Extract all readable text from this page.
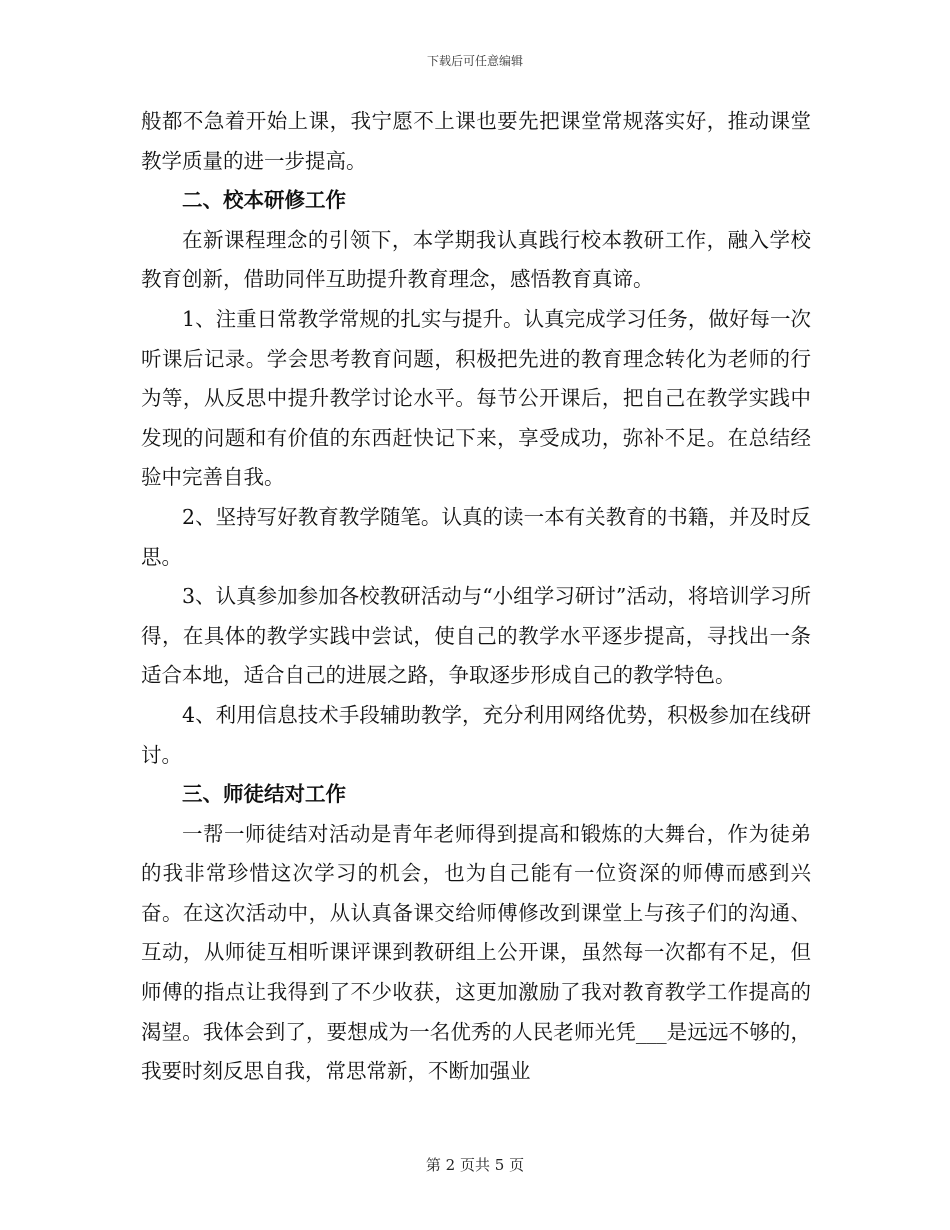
下载后可任意编辑

般都不急着开始上课，我宁愿不上课也要先把课堂常规落实好，推动课堂教学质量的进一步提高。

二、校本研修工作

在新课程理念的引领下，本学期我认真践行校本教研工作，融入学校教育创新，借助同伴互助提升教育理念，感悟教育真谛。

1、注重日常教学常规的扎实与提升。认真完成学习任务，做好每一次听课后记录。学会思考教育问题，积极把先进的教育理念转化为老师的行为等，从反思中提升教学讨论水平。每节公开课后，把自己在教学实践中发现的问题和有价值的东西赶快记下来，享受成功，弥补不足。在总结经验中完善自我。

2、坚持写好教育教学随笔。认真的读一本有关教育的书籍，并及时反思。

3、认真参加参加各校教研活动与“小组学习研讨”活动，将培训学习所得，在具体的教学实践中尝试，使自己的教学水平逐步提高，寻找出一条适合本地，适合自己的进展之路，争取逐步形成自己的教学特色。

4、利用信息技术手段辅助教学，充分利用网络优势，积极参加在线研讨。

三、师徒结对工作

一帮一师徒结对活动是青年老师得到提高和锻炼的大舞台，作为徒弟的我非常珍惜这次学习的机会，也为自己能有一位资深的师傅而感到兴奋。在这次活动中，从认真备课交给师傅修改到课堂上与孩子们的沟通、互动，从师徒互相听课评课到教研组上公开课，虽然每一次都有不足，但师傅的指点让我得到了不少收获，这更加激励了我对教育教学工作提高的渴望。我体会到了，要想成为一名优秀的人民老师光凭___是远远不够的，我要时刻反思自我，常思常新，不断加强业

第 2 页共 5 页
